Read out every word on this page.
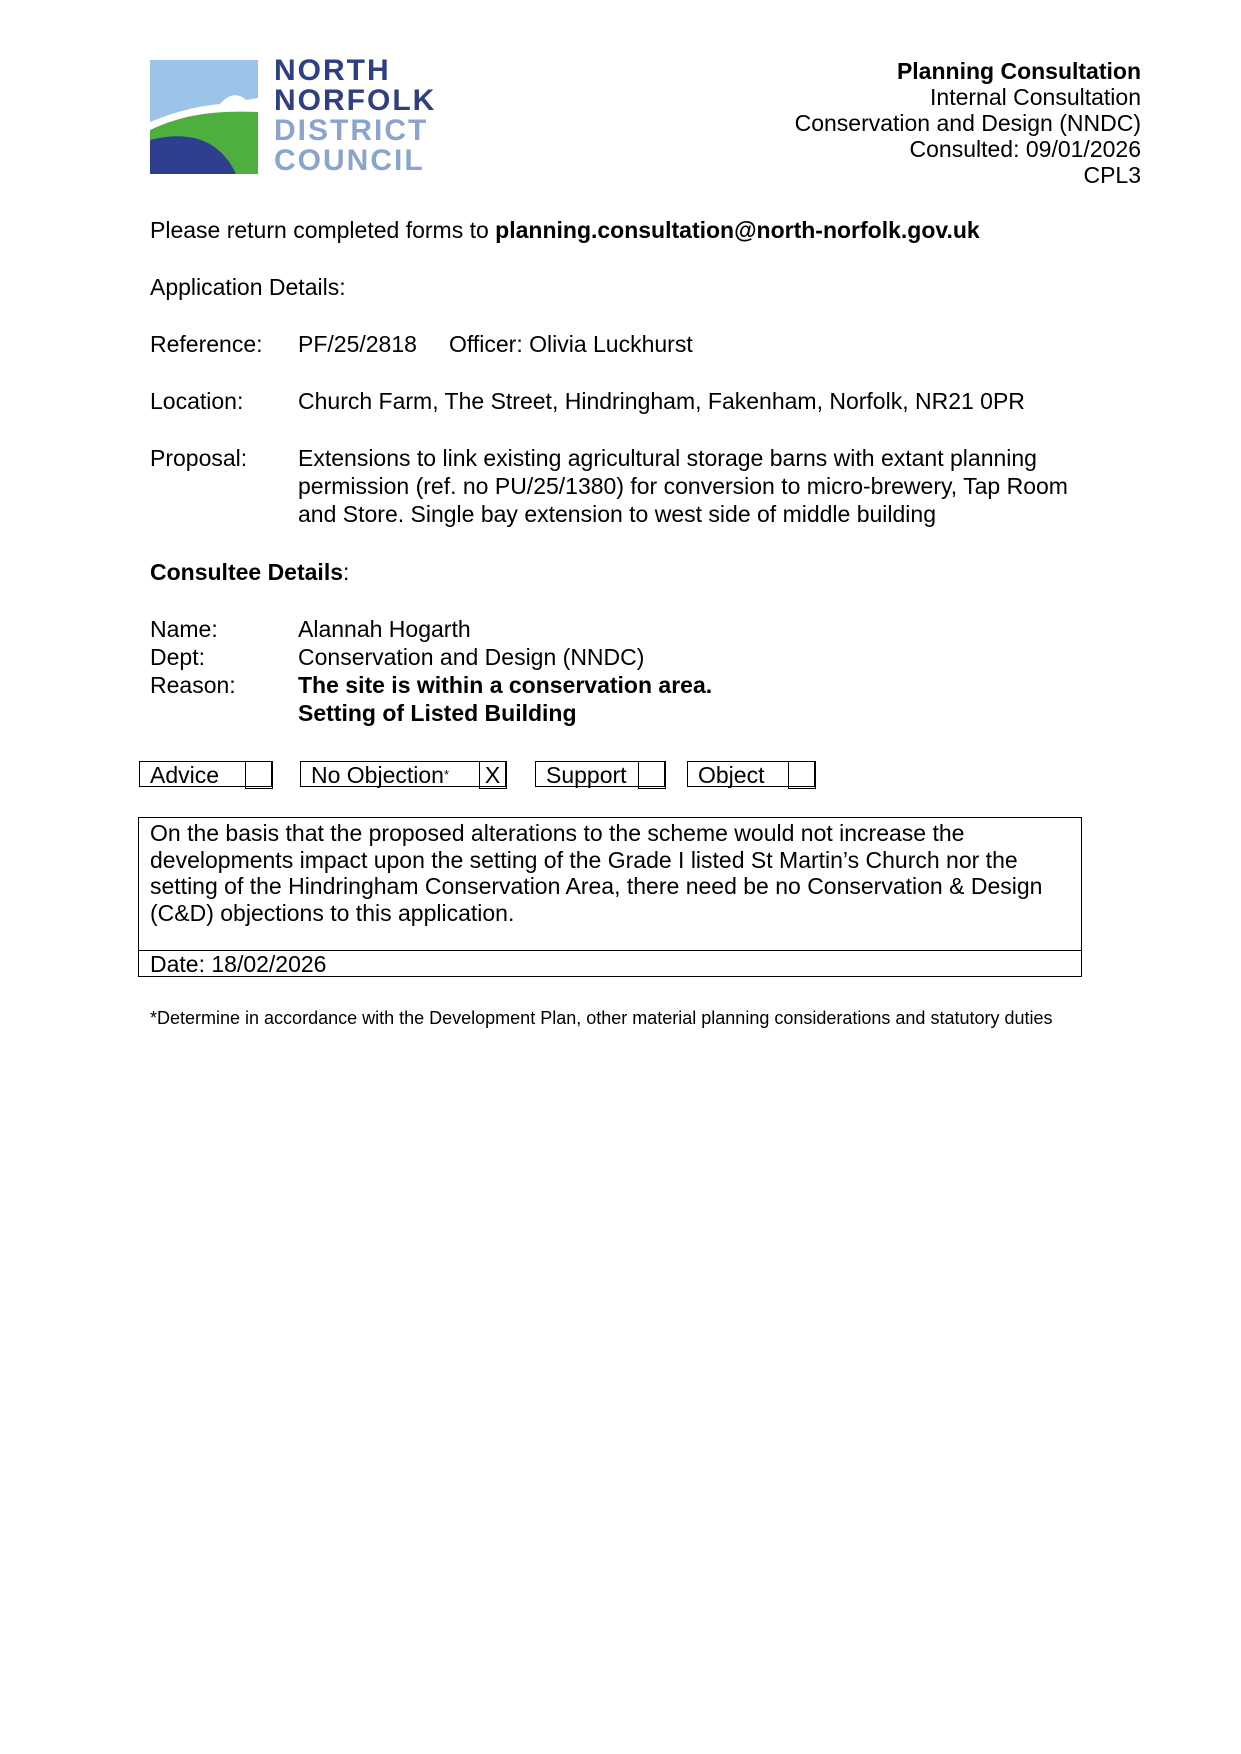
NORTH
NORFOLK
DISTRICT
COUNCIL
Planning Consultation
Internal Consultation
Conservation and Design (NNDC)
Consulted: 09/01/2026
CPL3
Please return completed forms to planning.consultation@north-norfolk.gov.uk
Application Details:
Reference: PF/25/2818 Officer: Olivia Luckhurst
Location: Church Farm, The Street, Hindringham, Fakenham, Norfolk, NR21 0PR
Proposal: Extensions to link existing agricultural storage barns with extant planning
permission (ref. no PU/25/1380) for conversion to micro-brewery, Tap Room
and Store. Single bay extension to west side of middle building
Consultee Details:
Name:	Alannah Hogarth
Dept:	Conservation and Design (NNDC)
Reason:	The site is within a conservation area.
Setting of Listed Building
Advice	No Objection* X Support	Object
On the basis that the proposed alterations to the scheme would not increase the
developments impact upon the setting of the Grade I listed St Martin’s Church nor the
setting of the Hindringham Conservation Area, there need be no Conservation & Design
(C&D) objections to this application.
Date: 18/02/2026
*Determine in accordance with the Development Plan, other material planning considerations and statutory duties
